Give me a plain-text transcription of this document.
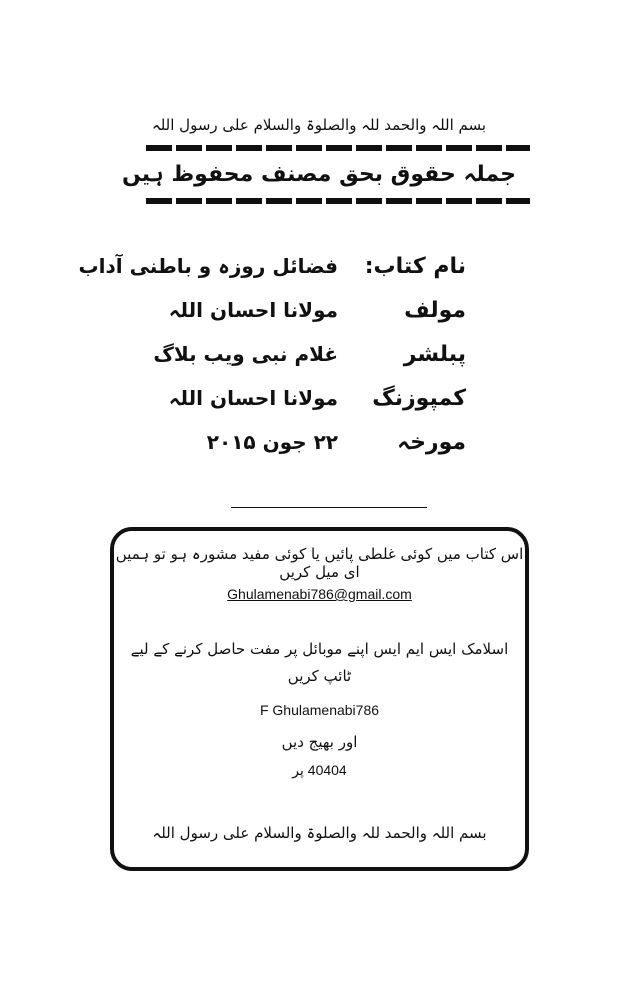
بسم اللہ والحمد للہ والصلوۃ والسلام علی رسول اللہ
جملہ حقوق بحق مصنف محفوظ ہیں
نام کتاب:
فضائل روزہ و باطنی آداب
مولف
مولانا احسان اللہ
پبلشر
غلام نبی ویب بلاگ
کمپوزنگ
مولانا احسان اللہ
مورخہ
۲۲ جون ۲۰۱۵
اس کتاب میں کوئی غلطی پائیں یا کوئی مفید مشورہ ہو تو ہمیں ای میل کریں
Ghulamenabi786@gmail.com
اسلامک ایس ایم ایس اپنے موبائل پر مفت حاصل کرنے کے لیے
ٹائپ کریں
F Ghulamenabi786
اور بھیج دیں
40404 پر
بسم اللہ والحمد للہ والصلوۃ والسلام علی رسول اللہ
